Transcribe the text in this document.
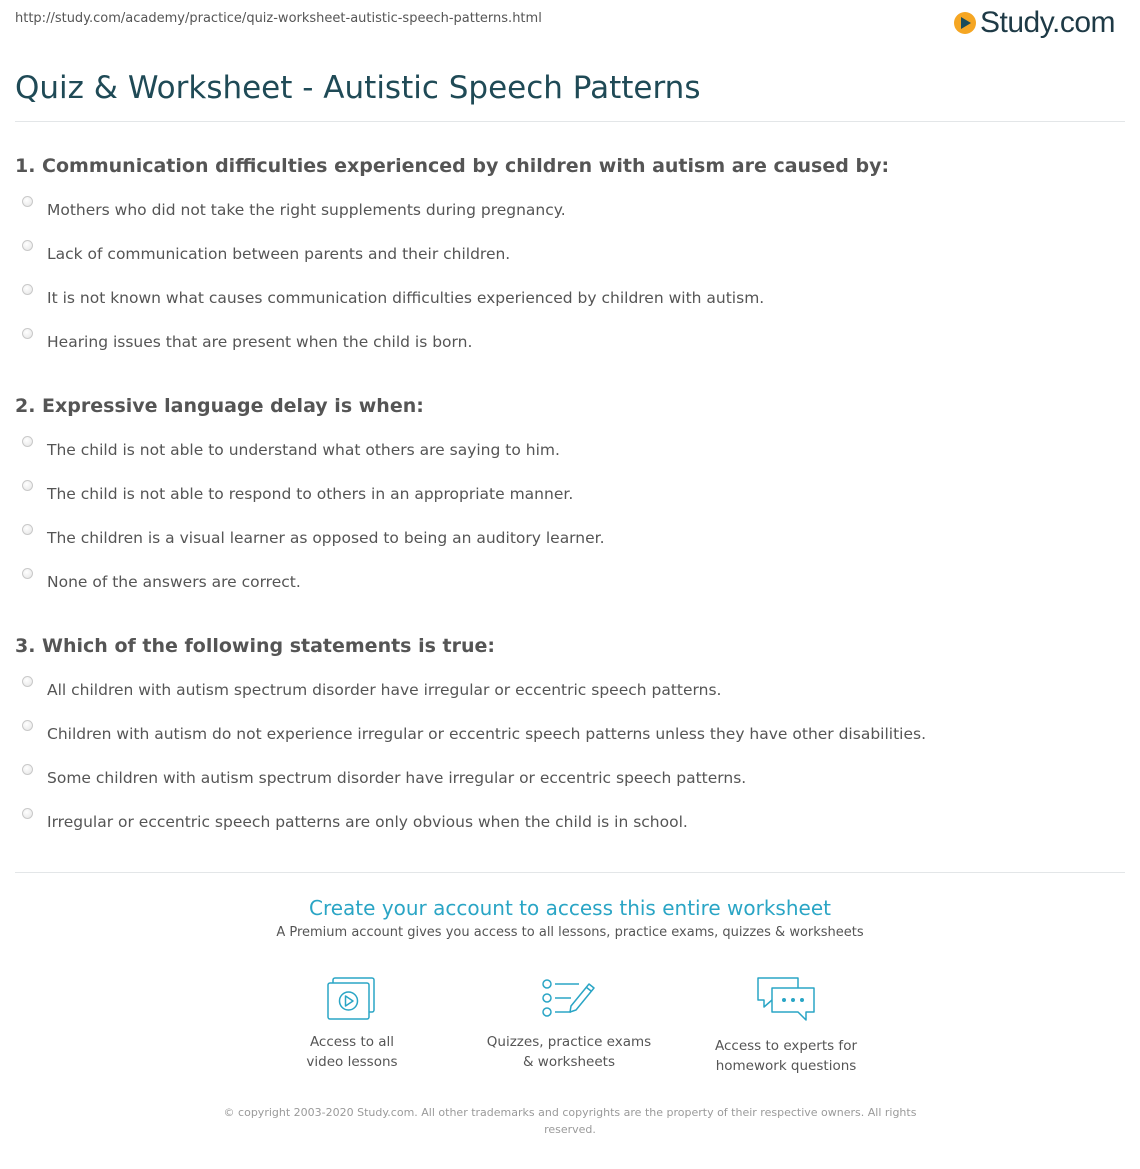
http://study.com/academy/practice/quiz-worksheet-autistic-speech-patterns.html	Study.com
Quiz & Worksheet - Autistic Speech Patterns
1. Communication difficulties experienced by children with autism are caused by:
Mothers who did not take the right supplements during pregnancy.
Lack of communication between parents and their children.
It is not known what causes communication difficulties experienced by children with autism.
Hearing issues that are present when the child is born.
2. Expressive language delay is when:
The child is not able to understand what others are saying to him.
The child is not able to respond to others in an appropriate manner.
The children is a visual learner as opposed to being an auditory learner.
None of the answers are correct.
3. Which of the following statements is true:
All children with autism spectrum disorder have irregular or eccentric speech patterns.
Children with autism do not experience irregular or eccentric speech patterns unless they have other disabilities.
Some children with autism spectrum disorder have irregular or eccentric speech patterns.
Irregular or eccentric speech patterns are only obvious when the child is in school.
Create your account to access this entire worksheet
A Premium account gives you access to all lessons, practice exams, quizzes & worksheets
Access to all
video lessons
Quizzes, practice exams
& worksheets
Access to experts for
homework questions
© copyright 2003-2020 Study.com. All other trademarks and copyrights are the property of their respective owners. All rights reserved.
